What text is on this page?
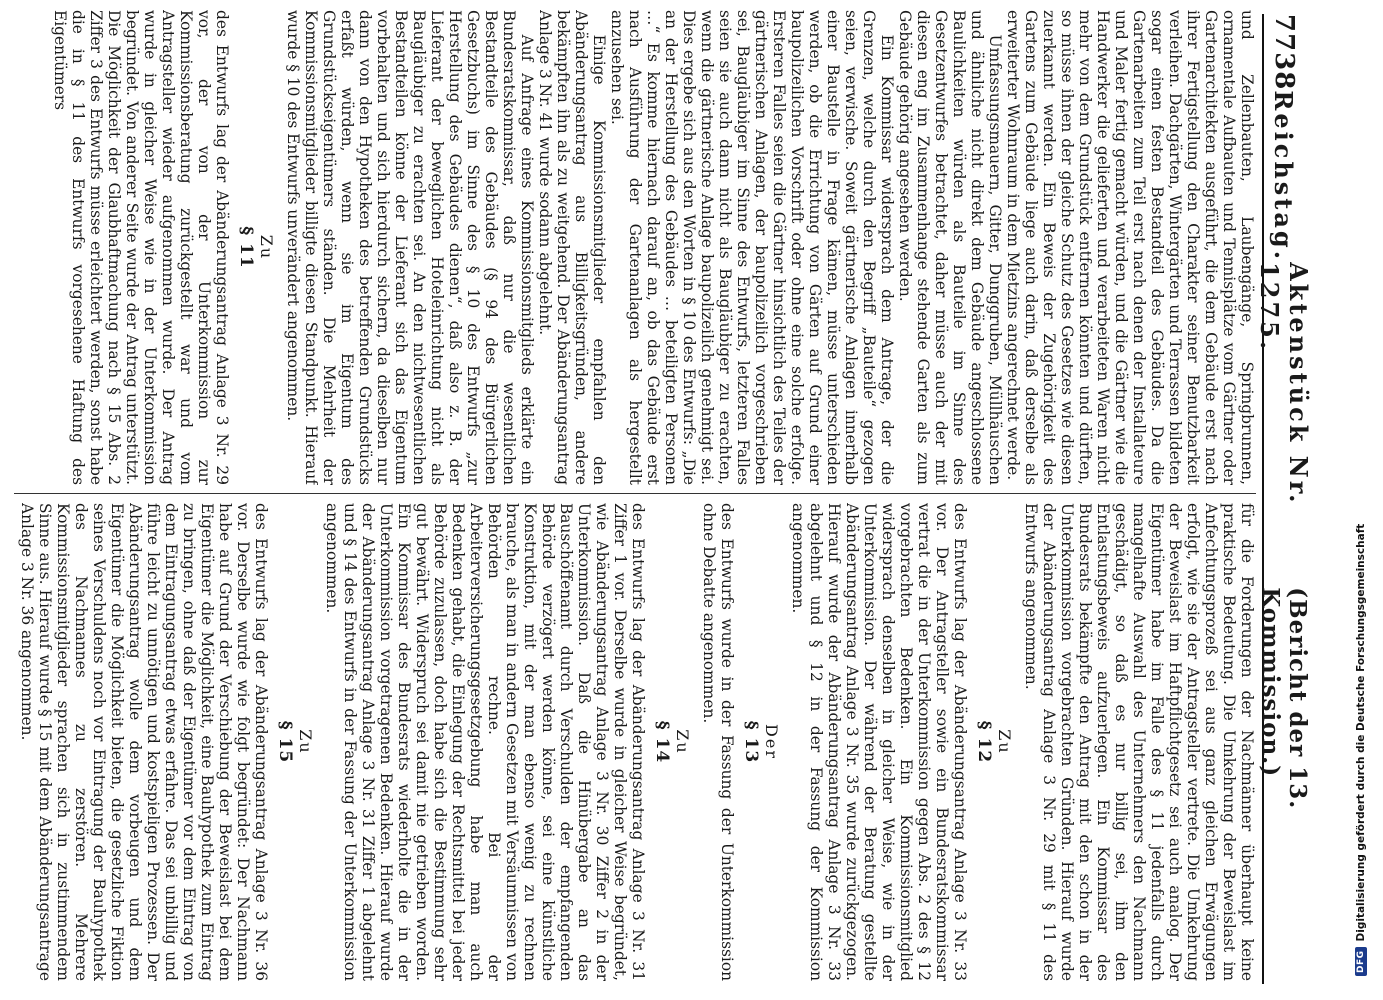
7738
Reichstag.
Aktenstück Nr. 1275.
(Bericht der 13. Kommission.)

und Zellenbauten, Laubengänge, Springbrunnen, ornamentale Aufbauten und Tennisplätze vom Gärtner oder Gartenarchitekten ausgeführt, die dem Gebäude erst nach ihrer Fertigstellung den Charakter seiner Benutzbarkeit verleihen. Dachgärten, Wintergärten und Terrassen bildeten sogar einen festen Bestandteil des Gebäudes. Da die Gartenarbeiten zum Teil erst nach denen der Installateure und Maler fertig gemacht würden, und die Gärtner wie die Handwerker die gelieferten und verarbeiteten Waren nicht mehr von dem Grundstück entfernen könnten und dürften, so müsse ihnen der gleiche Schutz des Gesetzes wie diesen zuerkannt werden. Ein Beweis der Zugehörigkeit des Gartens zum Gebäude liege auch darin, daß derselbe als erweiterter Wohnraum in dem Mietzins angerechnet werde.

Umfassungsmauern, Gitter, Dunggruben, Müllhäuschen und ähnliche nicht direkt dem Gebäude angeschlossene Baulichkeiten würden als Bauteile im Sinne des Gesetzentwurfes betrachtet, daher müsse auch der mit diesen eng im Zusammenhange stehende Garten als zum Gebäude gehörig angesehen werden.

Ein Kommissar widersprach dem Antrage, der die Grenzen, welche durch den Begriff „Bauteile“ gezogen seien, verwische. Soweit gärtnerische Anlagen innerhalb einer Baustelle in Frage kämen, müsse unterschieden werden, ob die Errichtung von Gärten auf Grund einer baupolizeilichen Vorschrift oder ohne eine solche erfolge. Ersteren Falles seien die Gärtner hinsichtlich des Teiles der gärtnerischen Anlagen, der baupolizeilich vorgeschrieben sei, Baugläubiger im Sinne des Entwurfs, letzteren Falles seien sie auch dann nicht als Baugläubiger zu erachten, wenn die gärtnerische Anlage baupolizeilich genehmigt sei. Dies ergebe sich aus den Worten in § 10 des Entwurfs: „Die an der Herstellung des Gebäudes … beteiligten Personen …“ Es komme hiernach darauf an, ob das Gebäude erst nach Ausführung der Gartenanlagen als hergestellt anzusehen sei.

Einige Kommissionsmitglieder empfahlen den Abänderungsantrag aus Billigkeitsgründen, andere bekämpften ihn als zu weitgehend. Der Abänderungsantrag Anlage 3 Nr. 41 wurde sodann abgelehnt.

Auf Anfrage eines Kommissionsmitglieds erklärte ein Bundesratskommissar, daß nur die wesentlichen Bestandteile des Gebäudes (§ 94 des Bürgerlichen Gesetzbuchs) im Sinne des § 10 des Entwurfs „zur Herstellung des Gebäudes dienen“, daß also z. B. der Lieferant der beweglichen Hoteleinrichtung nicht als Baugläubiger zu erachten sei. An den nichtwesentlichen Bestandteilen könne der Lieferant sich das Eigentum vorbehalten und sich hierdurch sichern, da dieselben nur dann von den Hypotheken des betreffenden Grundstücks erfaßt würden, wenn sie im Eigentum des Grundstückseigentümers ständen. Die Mehrheit der Kommissionsmitglieder billigte diesen Standpunkt. Hierauf wurde § 10 des Entwurfs unverändert angenommen.

Zu
§ 11

des Entwurfs lag der Abänderungsantrag Anlage 3 Nr. 29 vor, der von der Unterkommission zur Kommissionsberatung zurückgestellt war und vom Antragsteller wieder aufgenommen wurde. Der Antrag wurde in gleicher Weise wie in der Unterkommission begründet. Von anderer Seite wurde der Antrag unterstützt. Die Möglichkeit der Glaubhaftmachung nach § 15 Abs. 2 Ziffer 3 des Entwurfs müsse erleichtert werden, sonst habe die in § 11 des Entwurfs vorgesehene Haftung des Eigentümers

für die Forderungen der Nachmänner überhaupt keine praktische Bedeutung. Die Umkehrung der Beweislast im Anfechtungsprozeß sei aus ganz gleichen Erwägungen erfolgt, wie sie der Antragsteller vertrete. Die Umkehrung der Beweislast im Haftpflichtgesetz sei auch analog. Der Eigentümer habe im Falle des § 11 jedenfalls durch mangelhafte Auswahl des Unternehmers den Nachmann geschädigt, so daß es nur billig sei, ihm den Entlastungsbeweis aufzuerlegen. Ein Kommissar des Bundesrats bekämpfte den Antrag mit den schon in der Unterkommission vorgebrachten Gründen. Hierauf wurde der Abänderungsantrag Anlage 3 Nr. 29 mit § 11 des Entwurfs angenommen.

Zu
§ 12

des Entwurfs lag der Abänderungsantrag Anlage 3 Nr. 33 vor. Der Antragsteller sowie ein Bundesratskommissar vertrat die in der Unterkommission gegen Abs. 2 des § 12 vorgebrachten Bedenken. Ein Kommissionsmitglied widersprach denselben in gleicher Weise, wie in der Unterkommission. Der während der Beratung gestellte Abänderungsantrag Anlage 3 Nr. 35 wurde zurückgezogen. Hierauf wurde der Abänderungsantrag Anlage 3 Nr. 33 abgelehnt und § 12 in der Fassung der Kommission angenommen.

Der
§ 13

des Entwurfs wurde in der Fassung der Unterkommission ohne Debatte angenommen.

Zu
§ 14

des Entwurfs lag der Abänderungsantrag Anlage 3 Nr. 31 Ziffer 1 vor. Derselbe wurde in gleicher Weise begründet, wie Abänderungsantrag Anlage 3 Nr. 30 Ziffer 2 in der Unterkommission. Daß die Hinübergabe an das Bauschöffenamt durch Verschulden der empfangenden Behörde verzögert werden könne, sei eine künstliche Konstruktion, mit der man ebenso wenig zu rechnen brauche, als man in andern Gesetzen mit Versäumnissen von Behörden rechne. Bei der Arbeiterversicherungsgesetzgebung habe man auch Bedenken gehabt, die Einlegung der Rechtsmittel bei jeder Behörde zuzulassen, doch habe sich die Bestimmung sehr gut bewährt. Widerspruch sei damit nie getrieben worden. Ein Kommissar des Bundesrats wiederholte die in der Unterkommission vorgetragenen Bedenken. Hierauf wurde der Abänderungsantrag Anlage 3 Nr. 31 Ziffer 1 abgelehnt und § 14 des Entwurfs in der Fassung der Unterkommission angenommen.

Zu
§ 15

des Entwurfs lag der Abänderungsantrag Anlage 3 Nr. 36 vor. Derselbe wurde wie folgt begründet: Der Nachmann habe auf Grund der Verschiebung der Beweislast bei dem Eigentümer die Möglichkeit, eine Bauhypothek zum Eintrag zu bringen, ohne daß der Eigentümer vor dem Eintrag von dem Eintragungsantrag etwas erfahre. Das sei unbillig und führe leicht zu unnötigen und kostspieligen Prozessen. Der Abänderungsantrag wolle dem vorbeugen und dem Eigentümer die Möglichkeit bieten, die gesetzliche Fiktion seines Verschuldens noch vor Eintragung der Bauhypothek des Nachmannes zu zerstören. Mehrere Kommissionsmitglieder sprachen sich in zustimmendem Sinne aus. Hierauf wurde § 15 mit dem Abänderungsantrage Anlage 3 Nr. 36 angenommen.

DFG
Digitalisierung gefördert durch die Deutsche Forschungsgemeinschaft
